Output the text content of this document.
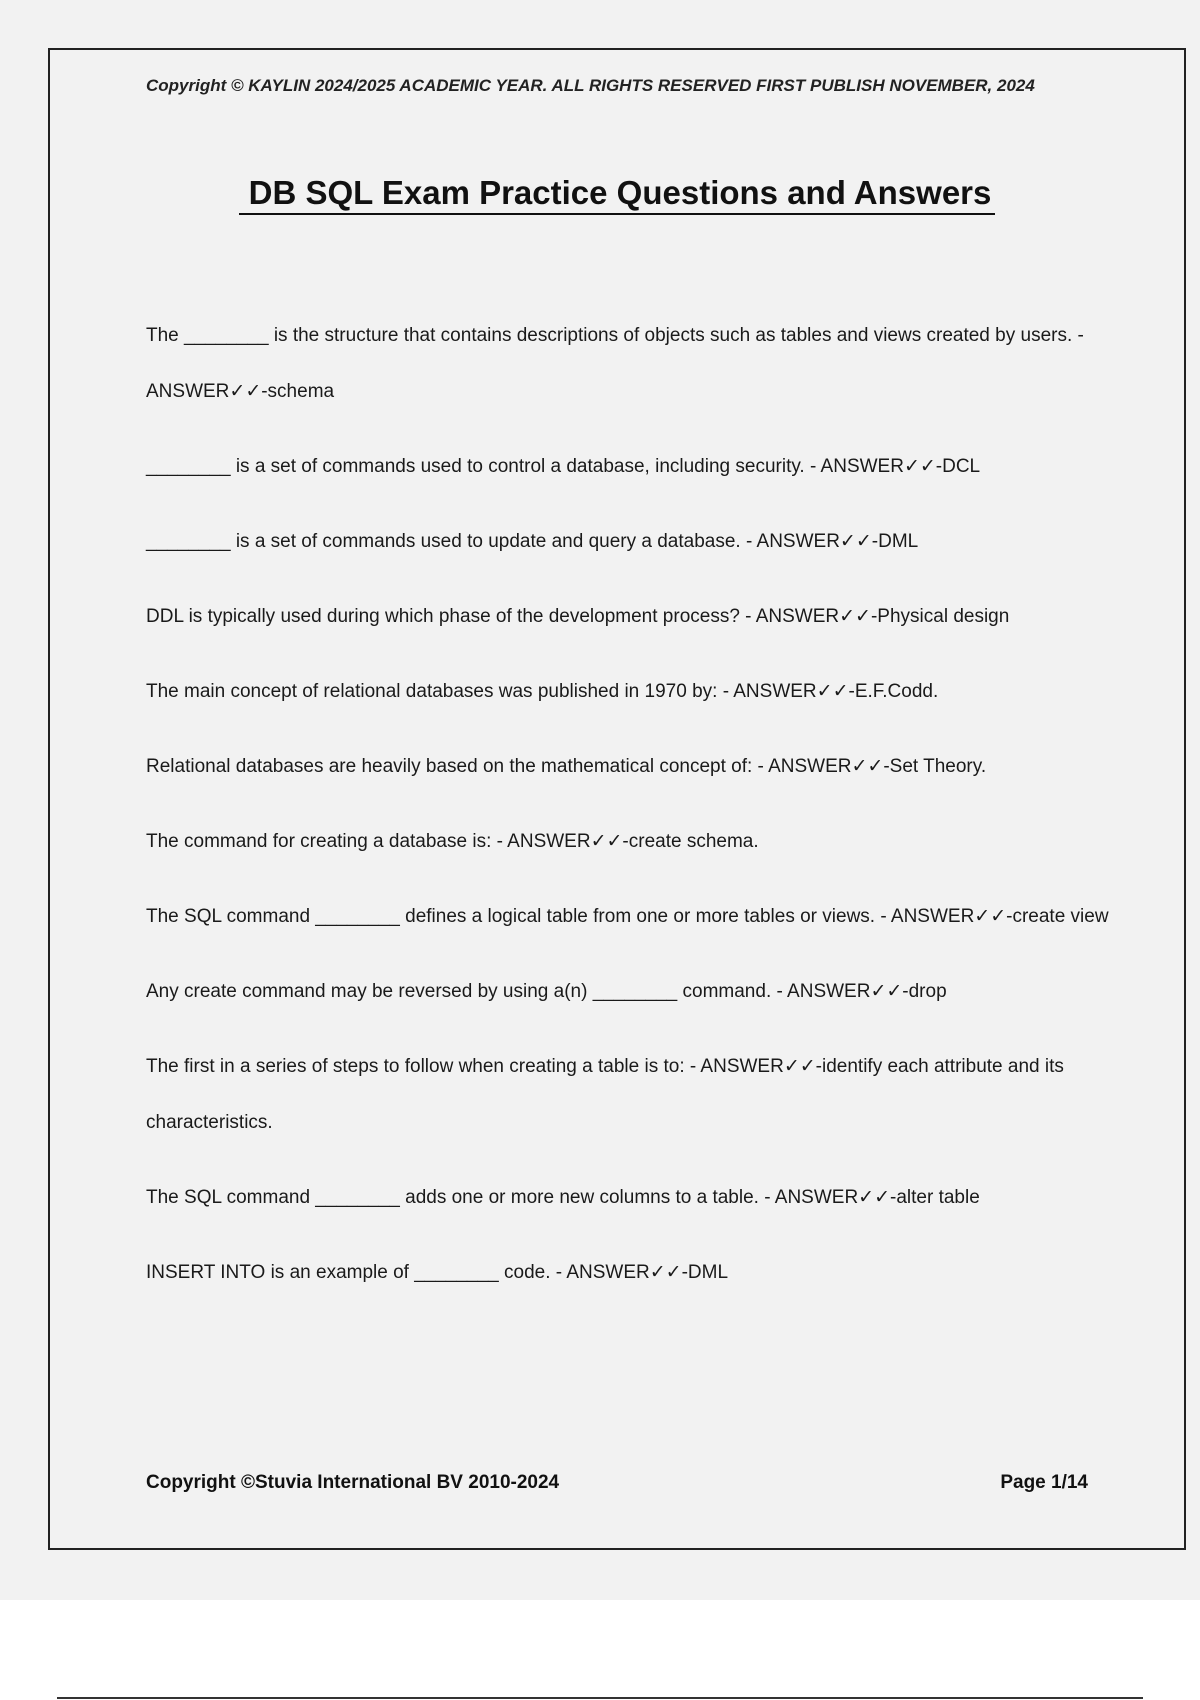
Copyright © KAYLIN 2024/2025 ACADEMIC YEAR. ALL RIGHTS RESERVED FIRST PUBLISH NOVEMBER, 2024
DB SQL Exam Practice Questions and Answers
The ________ is the structure that contains descriptions of objects such as tables and views created by users. - ANSWER✓✓-schema
________ is a set of commands used to control a database, including security. - ANSWER✓✓-DCL
________ is a set of commands used to update and query a database. - ANSWER✓✓-DML
DDL is typically used during which phase of the development process? - ANSWER✓✓-Physical design
The main concept of relational databases was published in 1970 by: - ANSWER✓✓-E.F.Codd.
Relational databases are heavily based on the mathematical concept of: - ANSWER✓✓-Set Theory.
The command for creating a database is: - ANSWER✓✓-create schema.
The SQL command ________ defines a logical table from one or more tables or views. - ANSWER✓✓-create view
Any create command may be reversed by using a(n) ________ command. - ANSWER✓✓-drop
The first in a series of steps to follow when creating a table is to: - ANSWER✓✓-identify each attribute and its characteristics.
The SQL command ________ adds one or more new columns to a table. - ANSWER✓✓-alter table
INSERT INTO is an example of ________ code. - ANSWER✓✓-DML
Copyright ©Stuvia International BV 2010-2024	Page 1/14
